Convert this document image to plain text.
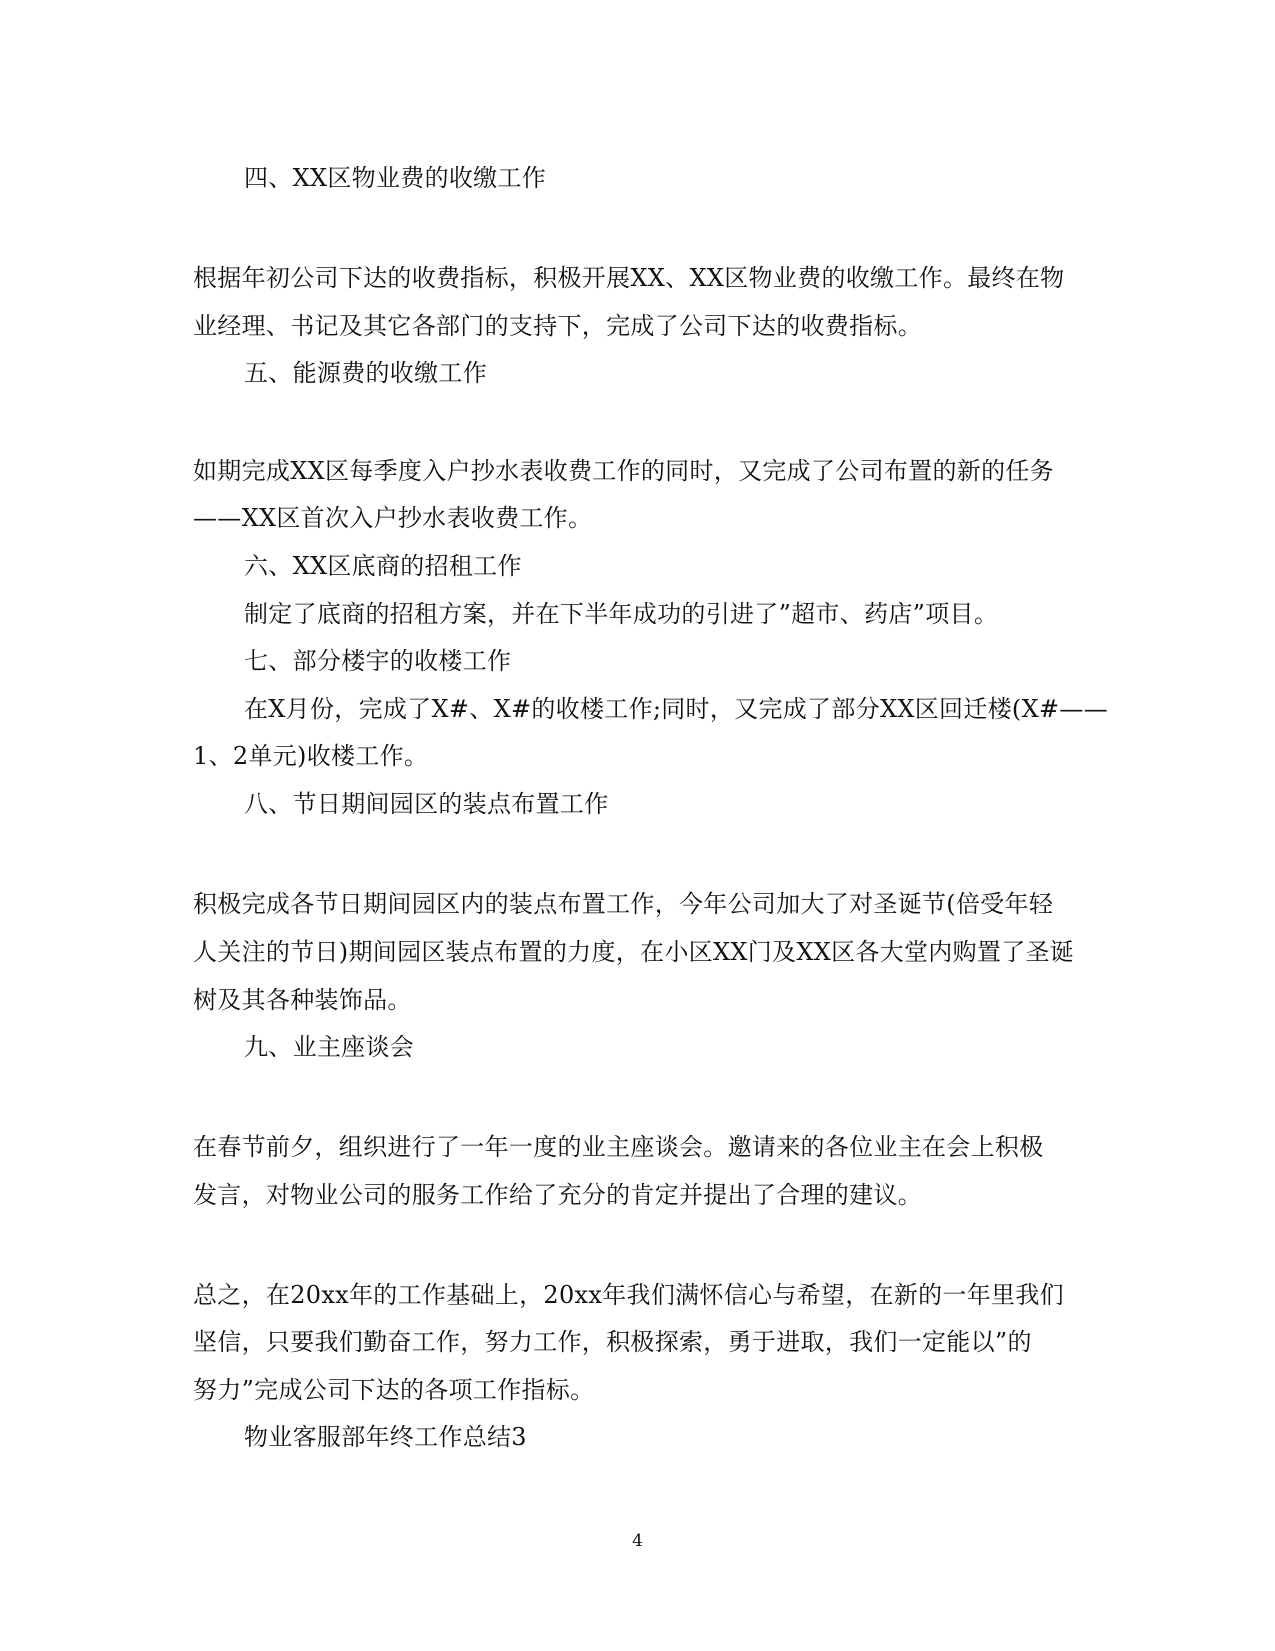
四、XX区物业费的收缴工作
根据年初公司下达的收费指标，积极开展XX、XX区物业费的收缴工作。最终在物
业经理、书记及其它各部门的支持下，完成了公司下达的收费指标。
五、能源费的收缴工作
如期完成XX区每季度入户抄水表收费工作的同时，又完成了公司布置的新的任务
——XX区首次入户抄水表收费工作。
六、XX区底商的招租工作
制定了底商的招租方案，并在下半年成功的引进了”超市、药店”项目。
七、部分楼宇的收楼工作
在X月份，完成了X#、X#的收楼工作;同时，又完成了部分XX区回迁楼(X#——
1、2单元)收楼工作。
八、节日期间园区的装点布置工作
积极完成各节日期间园区内的装点布置工作，今年公司加大了对圣诞节(倍受年轻
人关注的节日)期间园区装点布置的力度，在小区XX门及XX区各大堂内购置了圣诞
树及其各种装饰品。
九、业主座谈会
在春节前夕，组织进行了一年一度的业主座谈会。邀请来的各位业主在会上积极
发言，对物业公司的服务工作给了充分的肯定并提出了合理的建议。
总之，在20xx年的工作基础上，20xx年我们满怀信心与希望，在新的一年里我们
坚信，只要我们勤奋工作，努力工作，积极探索，勇于进取，我们一定能以”的
努力”完成公司下达的各项工作指标。
物业客服部年终工作总结3
4
